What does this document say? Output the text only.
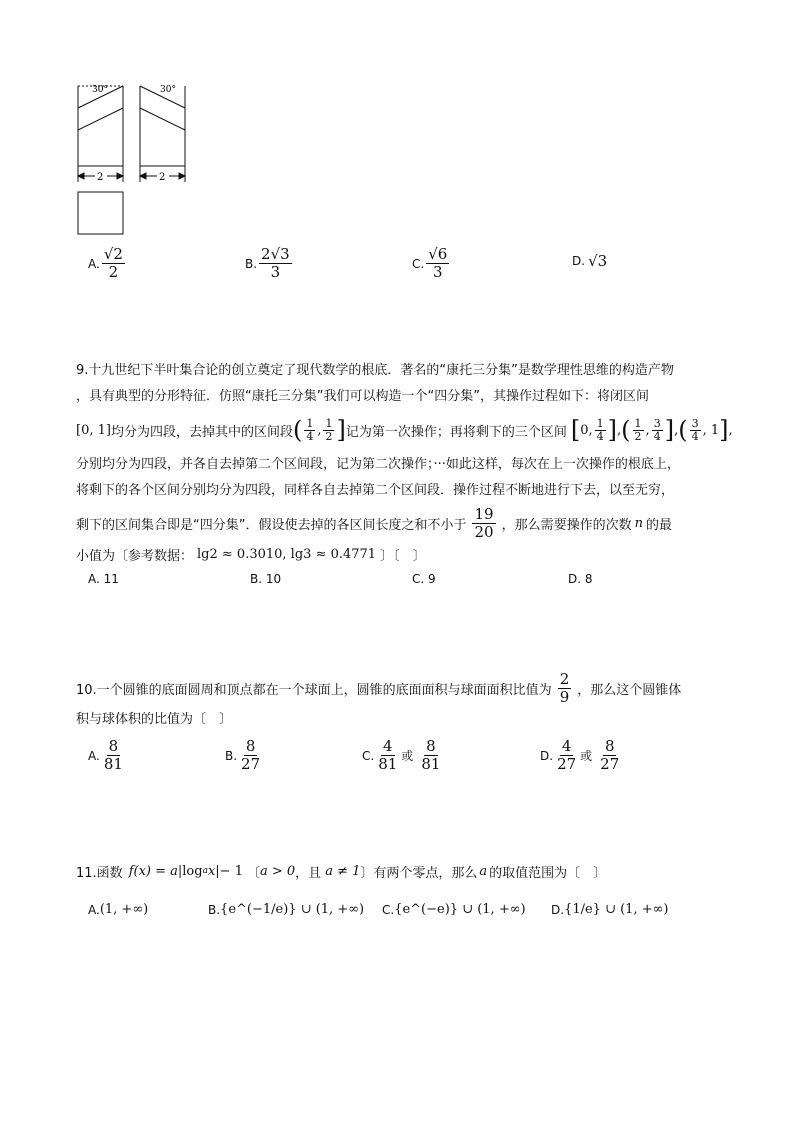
30°	30°
2	2
A. $\frac{√2}{2}$	B. $\frac{2√3}{3}$	C. $\frac{√6}{3}$	D. √3
9.十九世纪下半叶集合论的创立奠定了现代数学的根底．著名的“康托三分集”是数学理性思维的构造产物
，具有典型的分形特征．仿照“康托三分集”我们可以构造一个“四分集”，其操作过程如下：将闭区间
[0, 1] 均分为四段，去掉其中的区间段 ( $\frac{1}{4}$ , $\frac{1}{2}$ ] 记为第一次操作；再将剩下的三个区间 [ 0, $\frac{1}{4}$ ] , ( $\frac{1}{2}$ , $\frac{3}{4}$ ] , ( $\frac{3}{4}$ , 1 ] ,
分别均分为四段，并各自去掉第二个区间段，记为第二次操作；···如此这样，每次在上一次操作的根底上，
将剩下的各个区间分别均分为四段，同样各自去掉第二个区间段．操作过程不断地进行下去，以至无穷，
剩下的区间集合即是“四分集”．假设使去掉的各区间长度之和不小于 $\frac{19}{20}$ ，那么需要操作的次数 n 的最
小值为〔参考数据： lg2 ≈ 0.3010, lg3 ≈ 0.4771 〕〔　〕
A. 11	B. 10	C. 9	D. 8
10.一个圆锥的底面圆周和顶点都在一个球面上，圆锥的底面面积与球面面积比值为 $\frac{2}{9}$ ，那么这个圆锥体
积与球体积的比值为〔　〕
A. $\frac{8}{81}$	B. $\frac{8}{27}$	C. $\frac{4}{81}$ 或 $\frac{8}{81}$	D. $\frac{4}{27}$ 或 $\frac{8}{27}$
11.函数 f(x) = a |log a x| − 1 〔 a > 0 ，且 a ≠ 1 〕有两个零点，那么 a 的取值范围为〔　〕
A. (1, +∞)	B. {e^(−1/e)} ∪ (1, +∞) C. {e^(−e)} ∪ (1, +∞) D. {1/e} ∪ (1, +∞)
